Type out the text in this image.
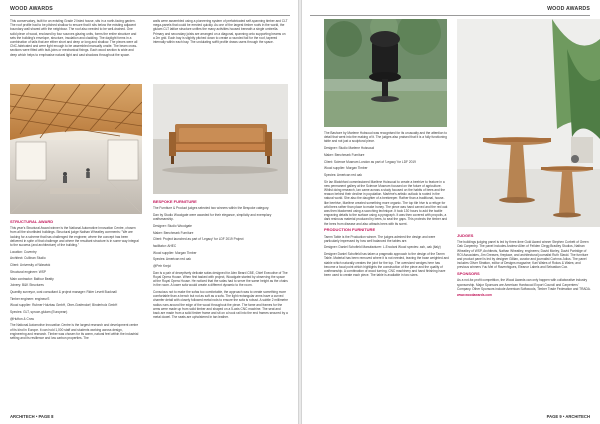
WOOD AWARDS

This conservatory, built for an existing Grade 2 listed house, sits in a north-facing garden. The roof profile had to be pitched shallow to ensure that it sits below the existing adjacent boundary wall shared with the neighbour. The roof also needed to be well-drained. One solid piece of wood, enclosed by four sources glazing units, forms the entire structure and sets the building's envelope, structure, insulation and cladding. The daylight forms in a combination of tails that are either short and deep or long and shallow. The pieces were all CNC-fabricated and were light enough to be assembled manually onsite. The beam cross-sections were fitted with butt-joins or mechanical fixings. Each wood section is wide and deep which helps to emphasise natural light and cast shadows throughout the space.

STRUCTURAL AWARD

This year's Structural Award winner is the National Automotive Innovation Centre, chosen from all the shortlisted buildings. Structural judge Nathan Wheatley comments: "We are looking for a scheme that has challenged the engineer, where the concept has been delivered in spite of that challenge and where the resultant structure is in some way integral to the success (and architecture) of the building."

Location: Coventry

Architect: Cullinan Studio

Client: University of Warwick

Structural engineer: WSP

Main contractor: Balfour Beatty

Joinery: B&K Structures

Quantity surveyor, cost consultant & project manager: Rider Levett Bucknall

Timber engineer: engineurS

Wood supplier: Rubner Holzbau GmbH, Ober-Grafendorf; Binderholz GmbH

Species: GLT, spruce-glulam (European)

@Hufton & Crow

The National Automotive Innovation Centre is the largest research and development centre of its kind in Europe. It can hold 1,000 staff and students working across design, engineering and research. Timber was chosen for its warm, natural feel within the industrial setting and its resilience and low carbon properties. The

walls were assembled using a pioneering system of prefabricated self-spanning timber and CLT mega-panels that could be erected quickly. As one of the largest timber roofs in the world, the glulam CLT lattice structure unifies the many activities housed beneath a single umbrella. Primary and secondary joists are arranged on a diagonal, spanning onto supporting beams on a 2m grid. Each bay is slightly pitched down to create a rounded fall for the roof, tapered internally within each bay. The undulating soffit profile draws users through the space.

BESPOKE FURNITURE

The Furniture & Product judges selected two winners within the Bespoke category.

Dan by Studio Woodgate were awarded for their elegance, simplicity and exemplary craftsmanship.

Designer: Studio Woodgate

Maker: Benchmark Furniture

Client: Project launched as part of 'Legacy' for LDF 2019 Project

facilitator: AHEC

Wood supplier: Morgan Timber

Species: American red oak

@Petr Krejci

Dan is a pair of deceptively delicate sofas designed for Alex Beard CBE, Chief Executive of The Royal Opera House. When first tasked with project, Woodgate started by observing the space at the Royal Opera House. He noticed that the sofas had to serve the same height as the chairs in the room. A lower sofa would create a different dynamic to the room.

Conscious not to make the sofas too comfortable, the approach was to create something more comfortable than a bench but not as soft as a sofa. The light rectangular arms have a curved chamfer detail with closely followed metal rods to ensure the sofa is robust. A subtle 2 millimetre radius runs around the edge of the wood throughout the piece. The fame and frames for the arms were made up from solid timber and shaped on a 5-axis CNC machine. The seat and back are made from a solid timber frame and sit on a hook rail into the end frames secured by a metal dowel. The seats are upholstered in tan leather.

ARCHITECH • PAGE 8
WOOD AWARDS

The Bashore by Marlene Hubsoud was recognised for its unusualty and the attention to detail that went into the making of it. The judges also praised that it is a fully functioning table and not just a sculptural piece.

Designer: Studio Marlene Huissoud

Maker: Benchmark Furniture

Client: Science Museum London as part of 'Legacy' for LDF 2019

Wood supplier: Morgan Timber

Species: American red oak

Sir Ian Blatchford commissioned Marlène Huissoud to create a beehive to feature in a new permanent gallery at the Science Museum focused on the future of agriculture. Whilst doing research, Ian came across a study focused on the habits of bees and the reason behind their decline in population. Marlène's artistic outlook is rooted in the natural world. She also the daughter of a beekeeper. Rather than a traditional, house-like beehive, Marlène created something more organic. The top tile hive is a refuge for wild bees rather than place to make honey. The piece was hand carved and the red oak was then blackened using a scorching technique. It took 130 hours to add the tactile engraving details to the surface using a pyrograph. It was then covered with propolis, a dark resinous material produced by bees, to seal the gaps. This protects the timber and the bees from disease and also attracts bees with its scent.

PRODUCTION FURNITURE

Tamm Table is the Production winner. The judges admired the design and were particularly impressed by how well balanced the tables are.

Designer: Daniel Schofield Manufacturer: L.Ercolani Wood species: ash, oak (Italy)

Designer Daniel Schofield has taken a pragmatic approach to the design of the Tamm Table. Material has been removed where it is not needed, leaving the base weighted and stable which naturally creates the joint for the top. The oversized wedges here has become a focal point which highlights the construction of the piece and the quality of craftmanship. A combination of wood turning, CNC machinery and hand finishing have been used to create each piece. The table is available in two sizes.

JUDGES

The buildings judging panel is led by three-time Gold Award winner Stephen Corbett of Green Oak Carpentry. The panel includes Andrew Allen of Feilden Clegg Bradley Studios, Nathan Wheatley of WSP, Architects, Nathan Wheatley, engineers; David Morley, David Partridge of ROI Associates, Jim Greaves, fireplace, and architectural journalist Ruth Slavid. The furniture and product panel is led by designer Gillian, curator and journalist Corinna Julius. The panel includes Oliver Stratton, editor of Designs magazine; Kari Wales of Rokos & Wales; and previous winners Yuu Mei of Ravenhigues, Eleanor Labels and Sebastian Cox.

SPONSORS

As a not-for-profit competition, the Wood Awards can only happen with collaborative industry sponsorship. Major Sponsors are American Hardwood Export Council and Carpenters' Company. Other Sponsors include American Softwoods, Timber Trade Federation and TRADA.

www.woodawards.com

PAGE 9 • ARCHITECH
